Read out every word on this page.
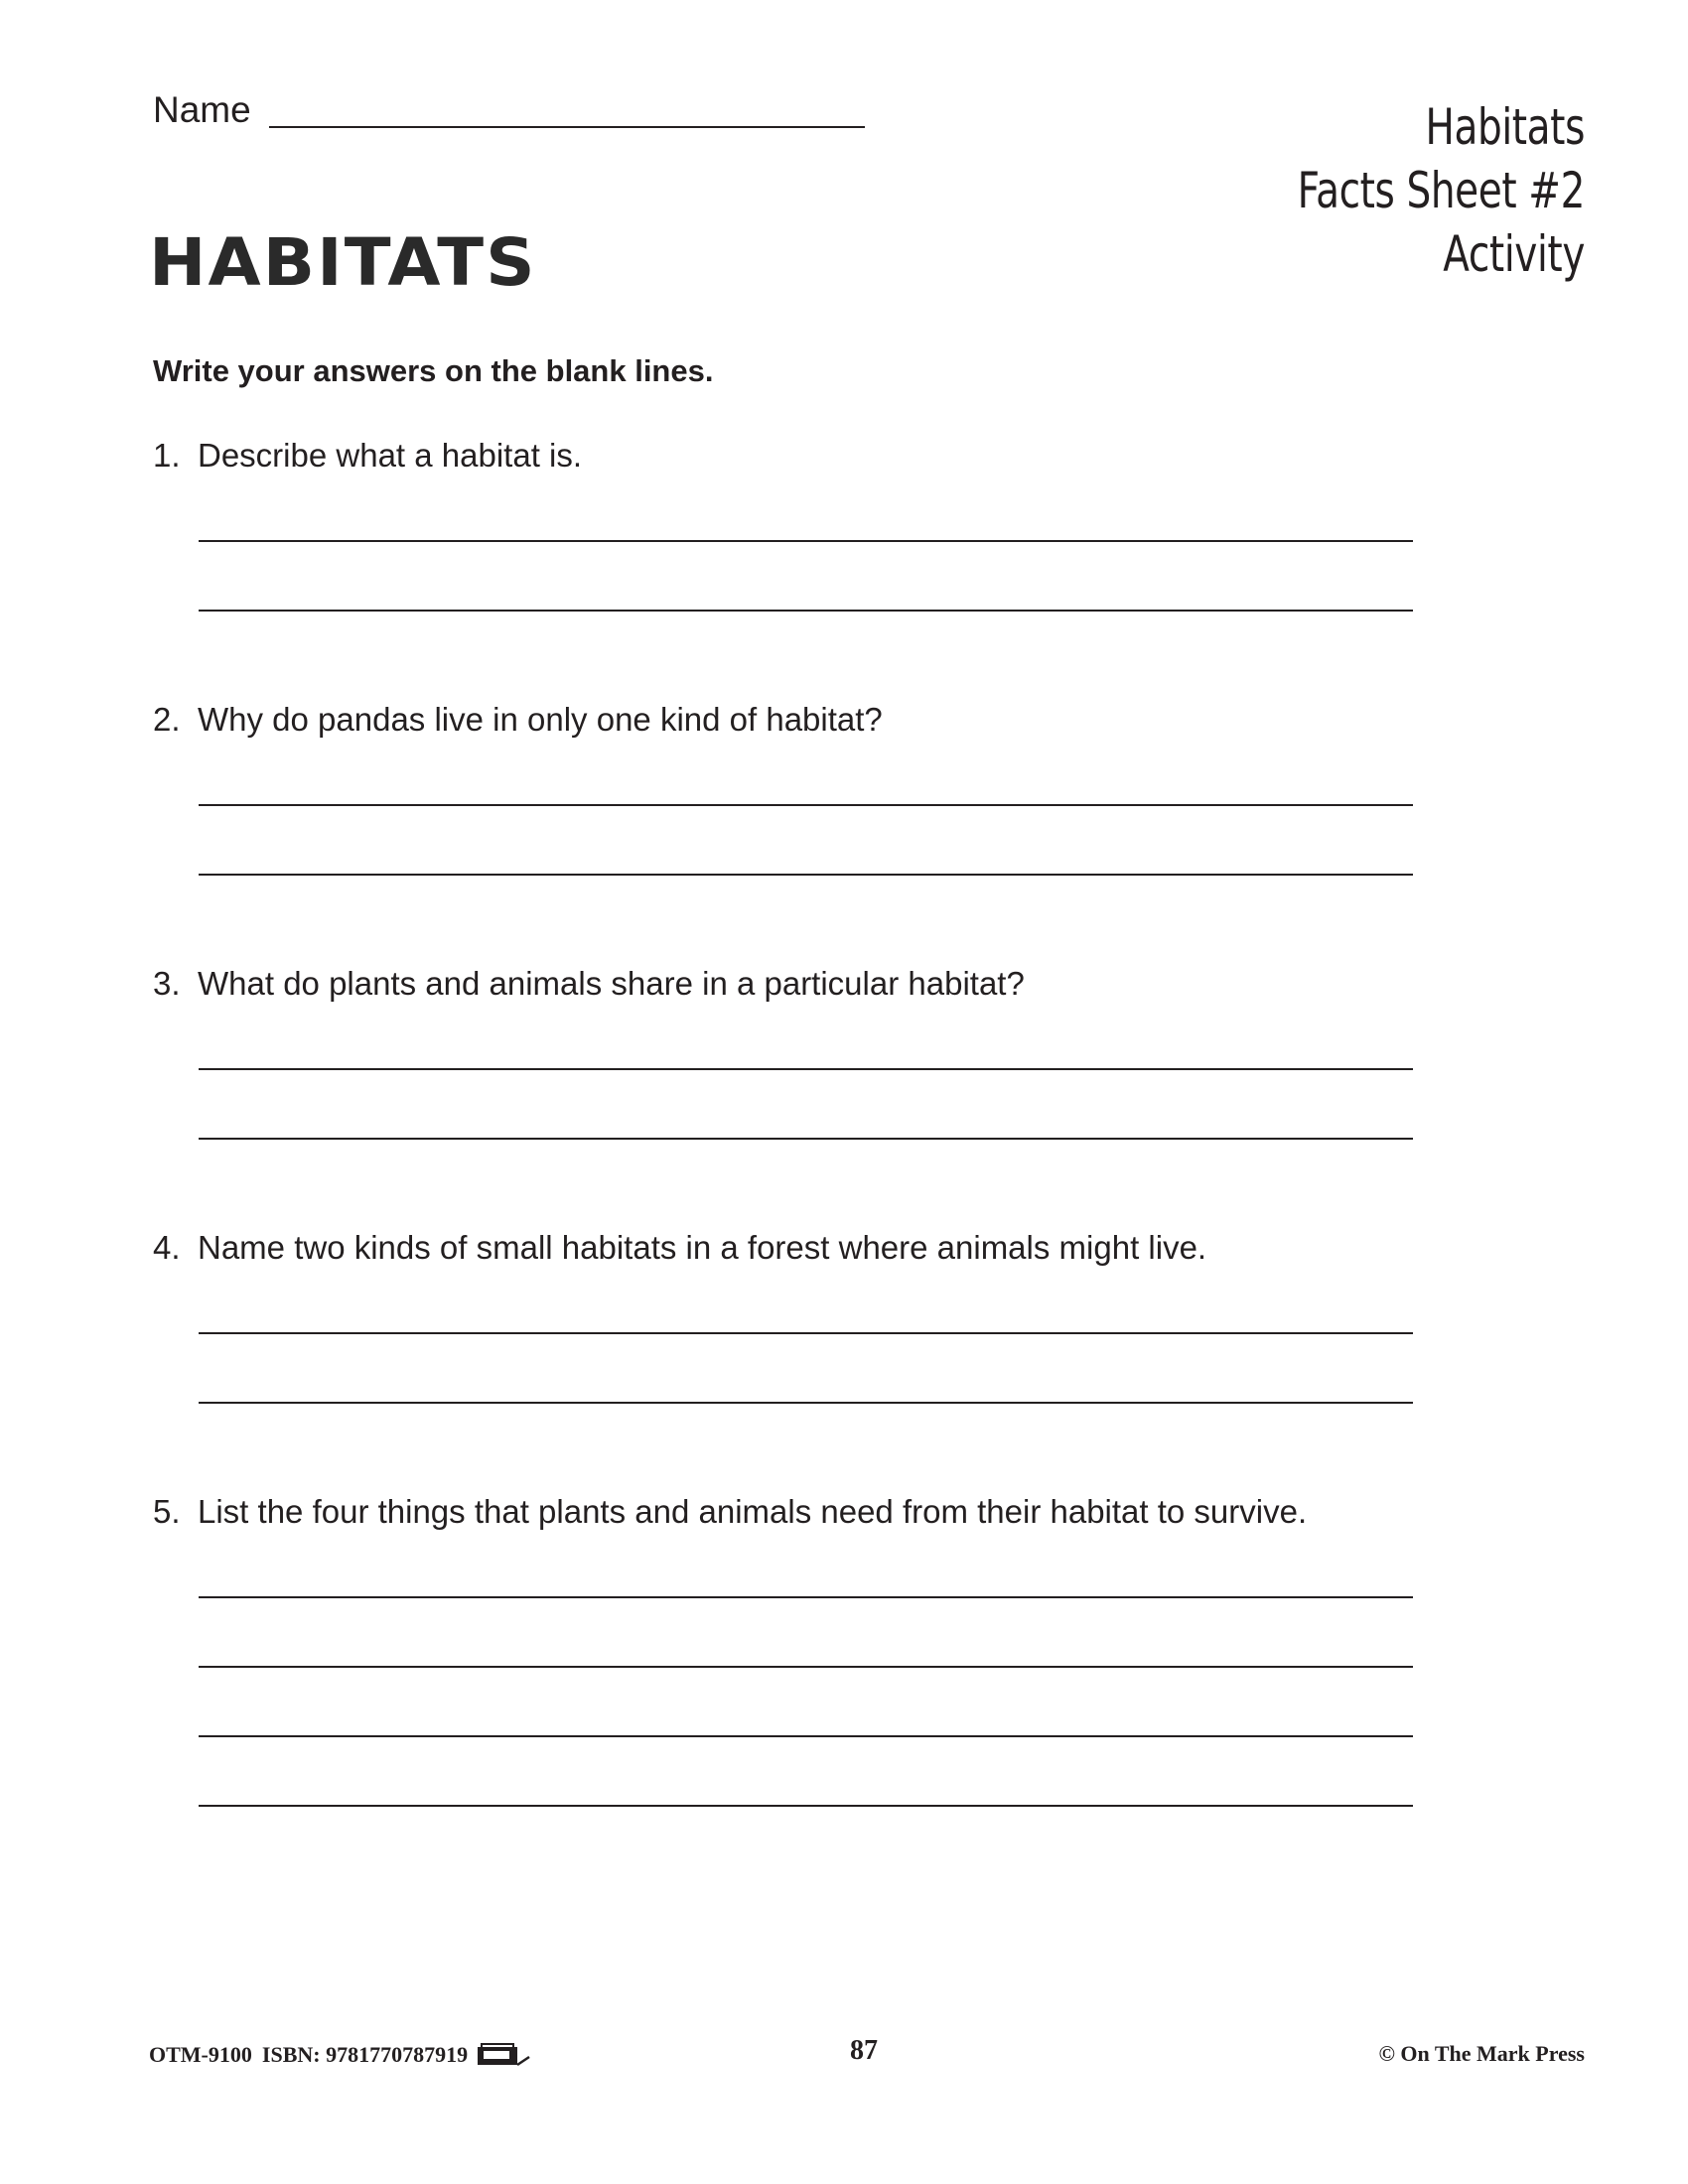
Name	Habitats
Facts Sheet #2
Activity
HABITATS
Write your answers on the blank lines.
1. Describe what a habitat is.
2. Why do pandas live in only one kind of habitat?
3. What do plants and animals share in a particular habitat?
4. Name two kinds of small habitats in a forest where animals might live.
5. List the four things that plants and animals need from their habitat to survive.
OTM-9100 ISBN: 9781770787919	87	© On The Mark Press
